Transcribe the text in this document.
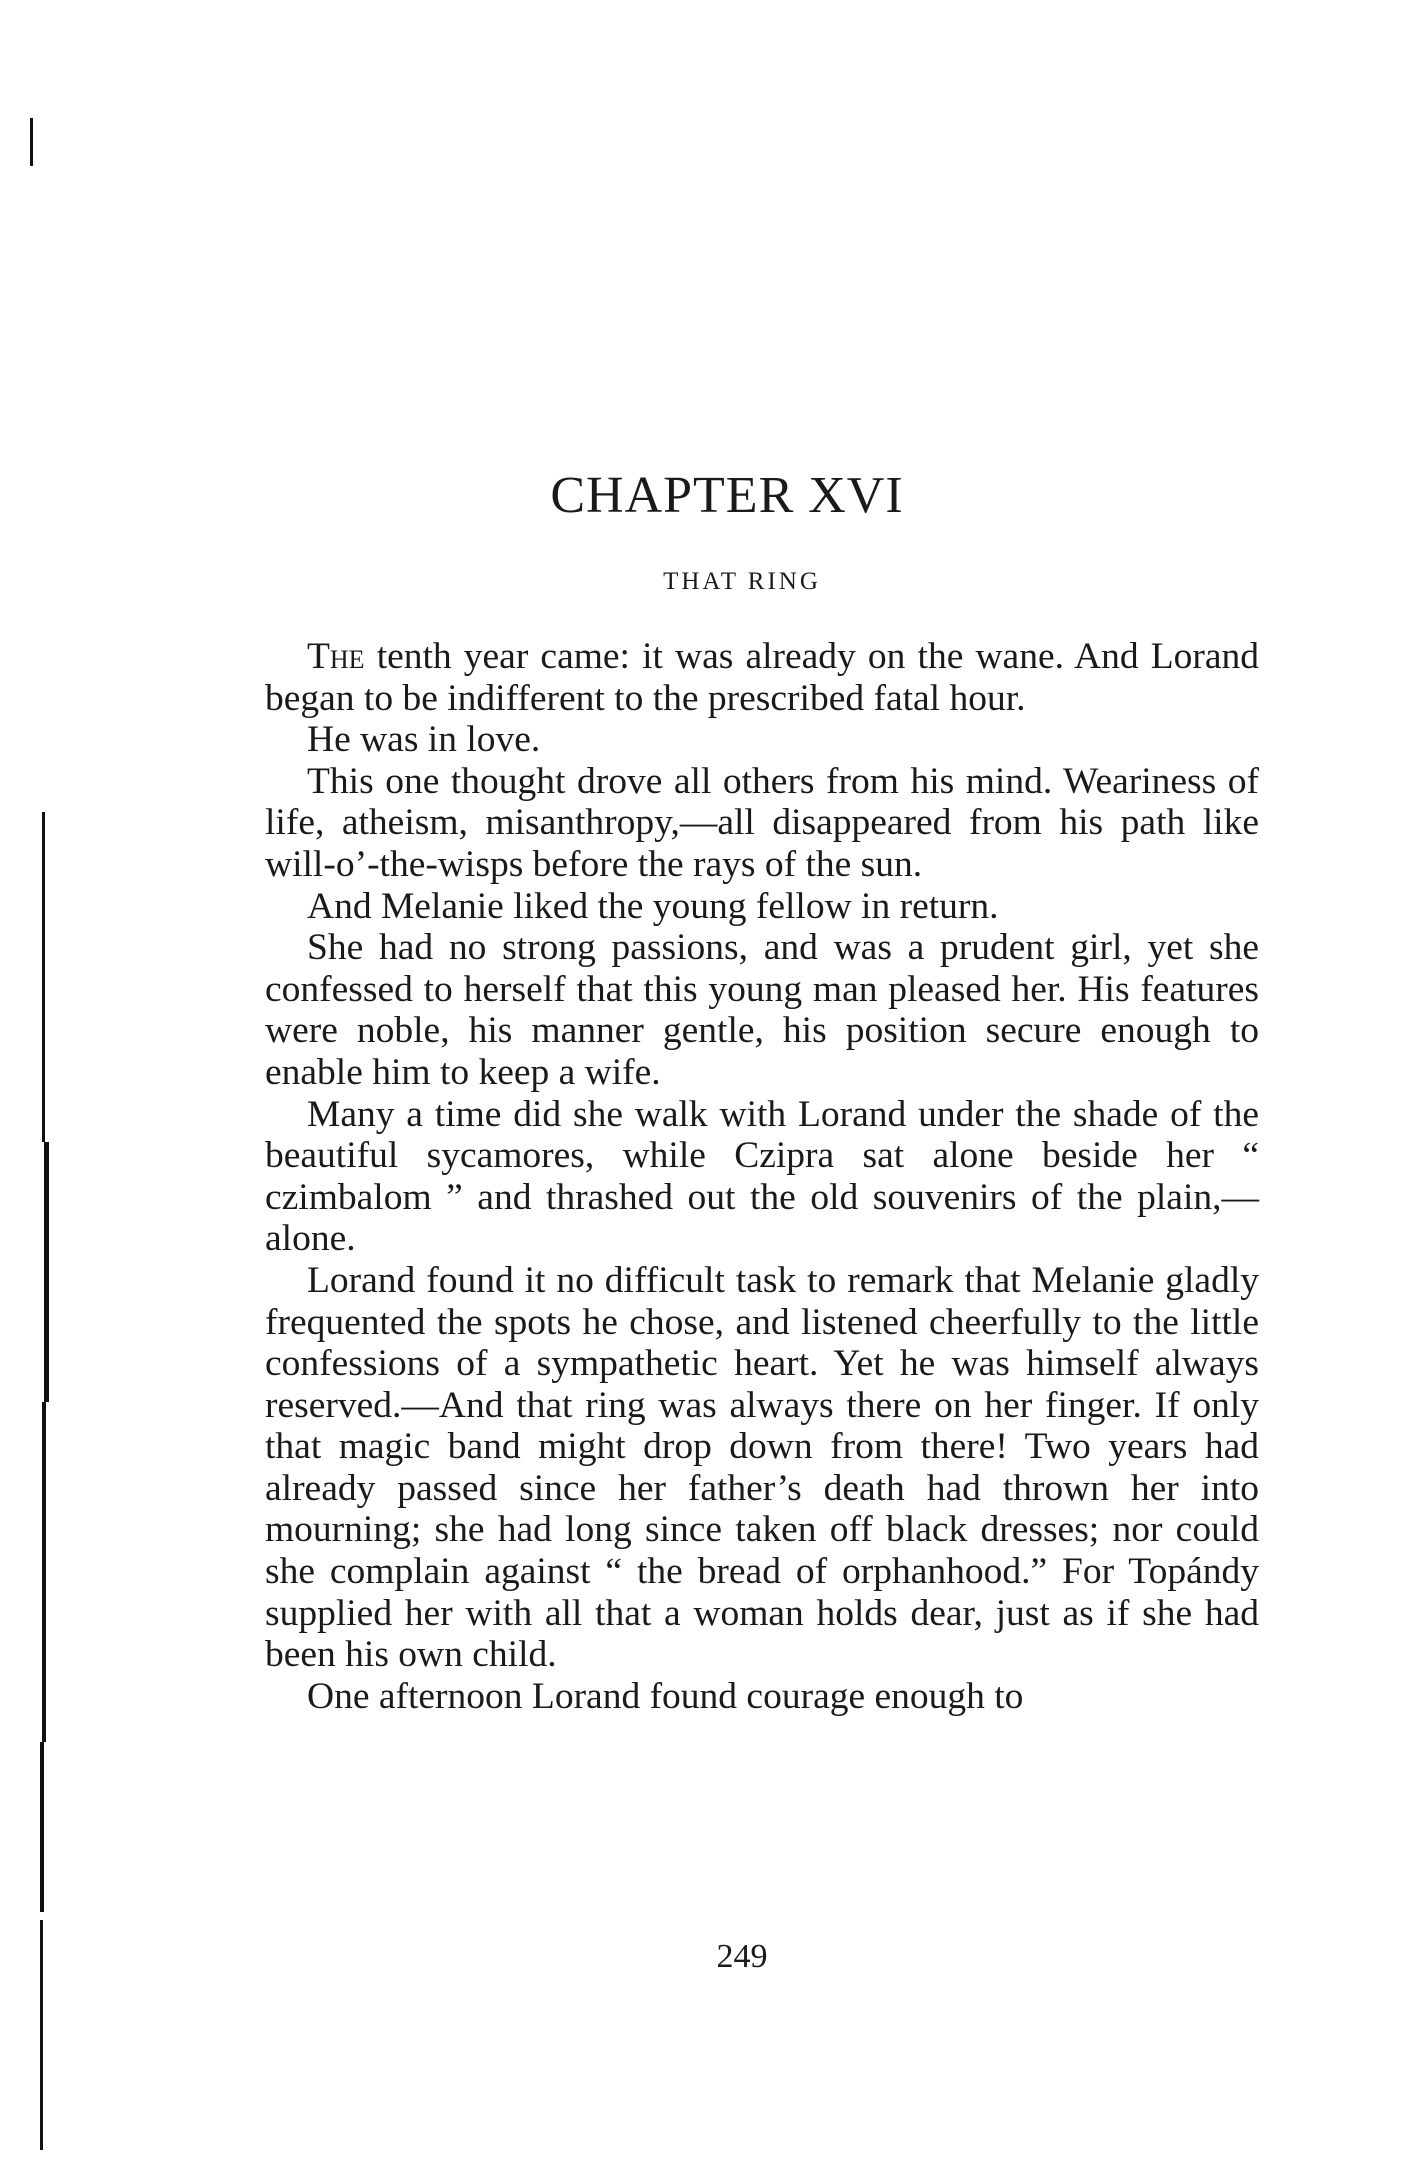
CHAPTER XVI
THAT RING

The tenth year came: it was already on the wane. And Lorand began to be indifferent to the prescribed fatal hour.

He was in love.

This one thought drove all others from his mind. Weariness of life, atheism, misanthropy,—all disappeared from his path like will-o’-the-wisps before the rays of the sun.

And Melanie liked the young fellow in return.

She had no strong passions, and was a prudent girl, yet she confessed to herself that this young man pleased her. His features were noble, his manner gentle, his position secure enough to enable him to keep a wife.

Many a time did she walk with Lorand under the shade of the beautiful sycamores, while Czipra sat alone beside her “ czimbalom ” and thrashed out the old souvenirs of the plain,—alone.

Lorand found it no difficult task to remark that Melanie gladly frequented the spots he chose, and listened cheerfully to the little confessions of a sympathetic heart. Yet he was himself always reserved.—And that ring was always there on her finger. If only that magic band might drop down from there! Two years had already passed since her father’s death had thrown her into mourning; she had long since taken off black dresses; nor could she complain against “ the bread of orphanhood.” For Topándy supplied her with all that a woman holds dear, just as if she had been his own child.

One afternoon Lorand found courage enough to

249
